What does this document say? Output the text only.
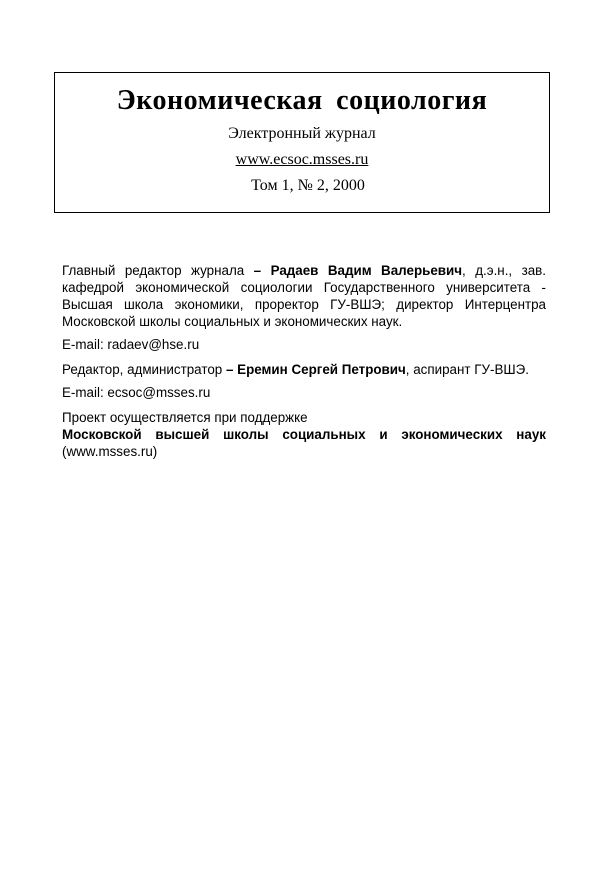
Экономическая социология
Электронный журнал
www.ecsoc.msses.ru
Том 1, № 2, 2000

Главный редактор журнала – Радаев Вадим Валерьевич, д.э.н., зав. кафедрой экономической социологии Государственного университета - Высшая школа экономики, проректор ГУ-ВШЭ; директор Интерцентра Московской школы социальных и экономических наук.

E-mail: radaev@hse.ru

Редактор, администратор – Еремин Сергей Петрович, аспирант ГУ-ВШЭ.

E-mail: ecsoc@msses.ru

Проект осуществляется при поддержке

Московской высшей школы социальных и экономических наук (www.msses.ru)
